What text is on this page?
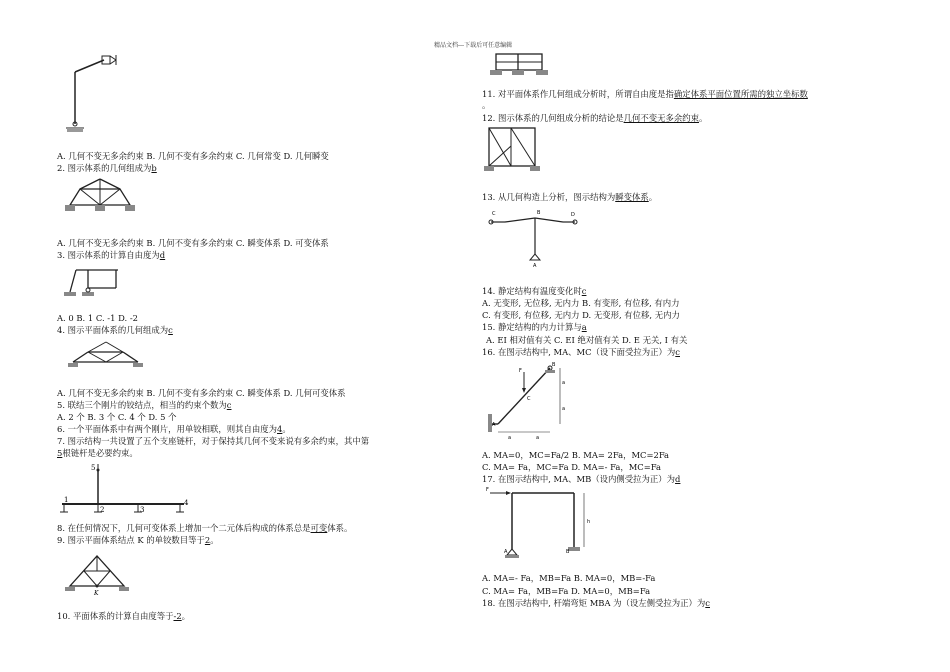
精品文档---下载后可任意编辑
A. 几何不变无多余约束 B. 几何不变有多余约束 C. 几何常变 D. 几何瞬变
2. 图示体系的几何组成为b
A. 几何不变无多余约束 B. 几何不变有多余约束 C. 瞬变体系 D. 可变体系
3. 图示体系的计算自由度为d
A. 0 B. 1 C. -1 D. -2
4. 图示平面体系的几何组成为c
A. 几何不变无多余约束 B. 几何不变有多余约束 C. 瞬变体系 D. 几何可变体系
5. 联结三个刚片的铰结点，相当的约束个数为c
A. 2 个 B. 3 个 C. 4 个 D. 5 个
6. 一个平面体系中有两个刚片，用单铰相联，则其自由度为4。
7. 图示结构一共设置了五个支座链杆，对于保持其几何不变来说有多余约束，其中第
5根链杆是必要约束。
5
1
2	3
4
8. 在任何情况下，几何可变体系上增加一个二元体后构成的体系总是可变体系。
9. 图示平面体系结点 K 的单铰数目等于2。
K
10. 平面体系的计算自由度等于-2。
11. 对平面体系作几何组成分析时，所谓自由度是指确定体系平面位置所需的独立坐标数
。
12. 图示体系的几何组成分析的结论是几何不变无多余约束。
13. 从几何构造上分析，图示结构为瞬变体系。
C	B	D
A
14. 静定结构有温度变化时c
A. 无变形, 无位移, 无内力 B. 有变形, 有位移, 有内力
C. 有变形, 有位移, 无内力 D. 无变形, 有位移, 无内力
15. 静定结构的内力计算与a
A. EI 相对值有关 C. EI 绝对值有关 D. E 无关, I 有关
16. 在图示结构中, MA、MC（设下面受拉为正）为c
F
C
A
B
a	a
a
a
A. MA=0，MC=Fa/2 B. MA= 2Fa，MC=2Fa
C. MA= Fa，MC=Fa D. MA=- Fa，MC=Fa
17. 在图示结构中, MA、MB（设内侧受拉为正）为d
F
h
A	B
A. MA=- Fa，MB=Fa B. MA=0，MB=-Fa
C. MA= Fa，MB=Fa D. MA=0，MB=Fa
18. 在图示结构中, 杆端弯矩 MBA 为（设左侧受拉为正）为c
